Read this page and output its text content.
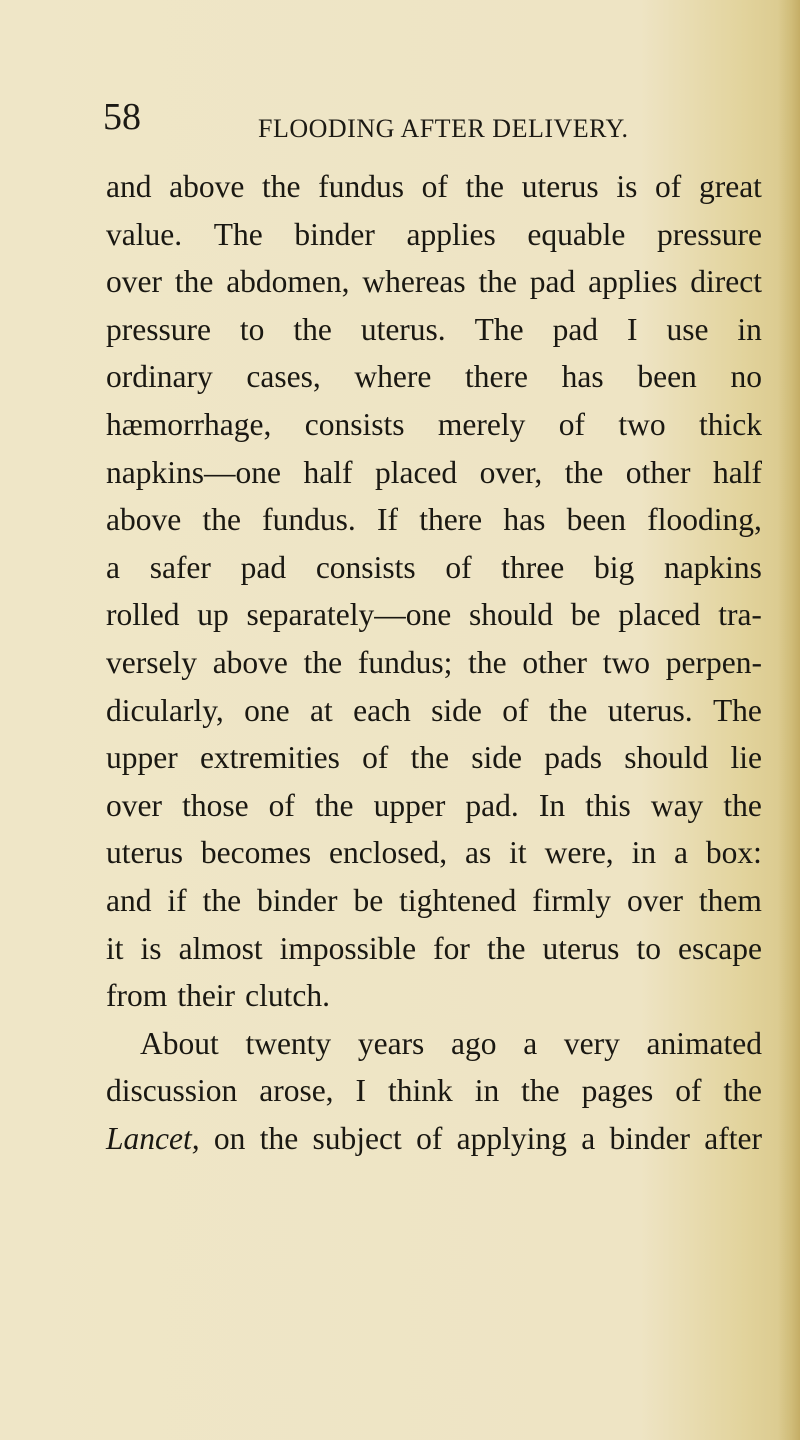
58	FLOODING AFTER DELIVERY.
and above the fundus of the uterus is of great
value. The binder applies equable pressure
over the abdomen, whereas the pad applies direct
pressure to the uterus. The pad I use in
ordinary cases, where there has been no
hæmorrhage, consists merely of two thick
napkins—one half placed over, the other half
above the fundus. If there has been flooding,
a safer pad consists of three big napkins
rolled up separately—one should be placed tra-
versely above the fundus; the other two perpen-
dicularly, one at each side of the uterus. The
upper extremities of the side pads should lie
over those of the upper pad. In this way the
uterus becomes enclosed, as it were, in a box:
and if the binder be tightened firmly over them
it is almost impossible for the uterus to escape
from their clutch.
About twenty years ago a very animated
discussion arose, I think in the pages of the
Lancet, on the subject of applying a binder after
